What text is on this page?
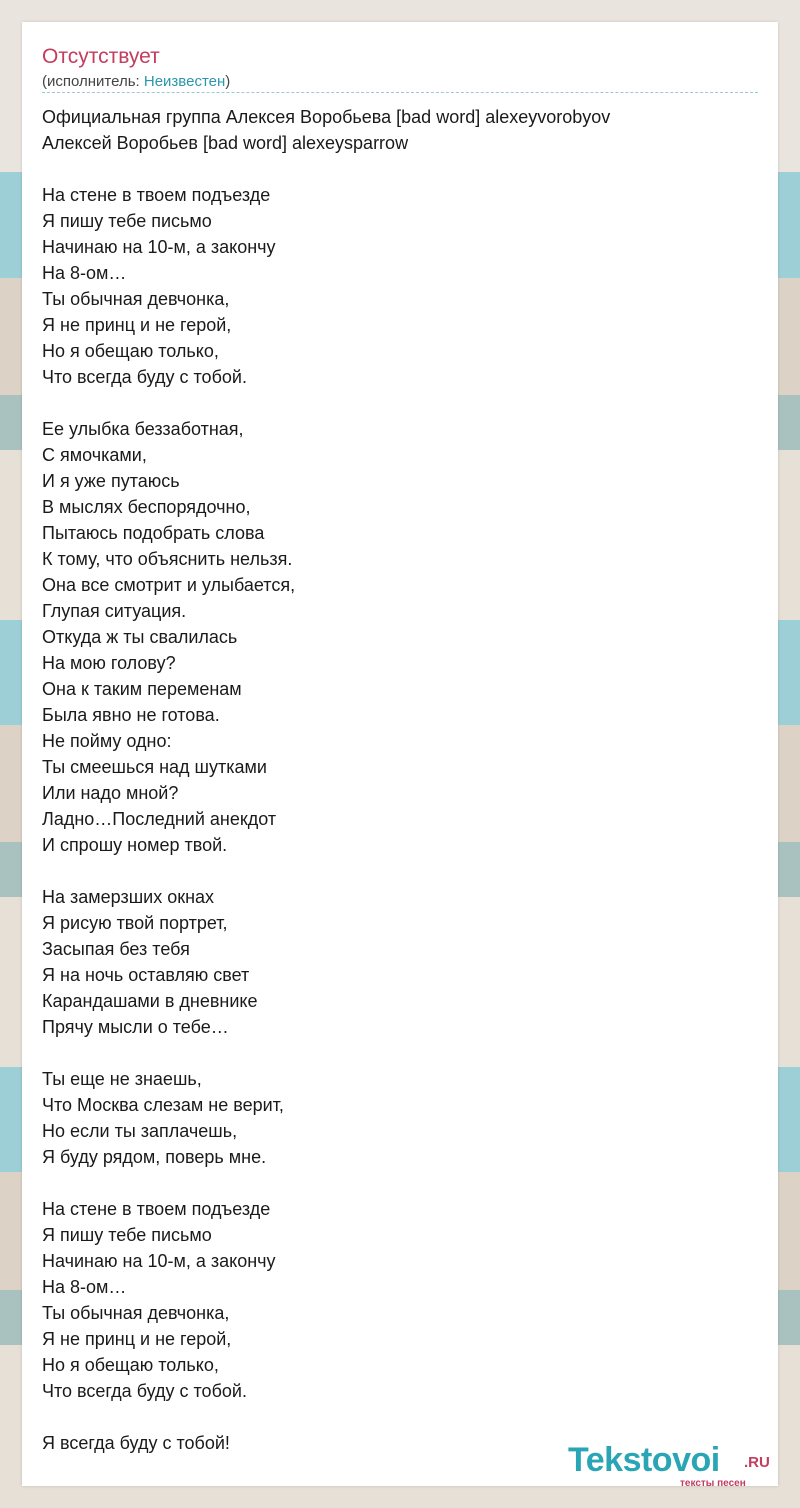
Отсутствует
(исполнитель: Неизвестен)
Официальная группа Алексея Воробьева [bad word] alexeyvorobyov
Алексей Воробьев [bad word] alexeysparrow
На стене в твоем подъезде
Я пишу тебе письмо
Начинаю на 10-м, а закончу
На 8-ом…
Ты обычная девчонка,
Я не принц и не герой,
Но я обещаю только,
Что всегда буду с тобой.
Ее улыбка беззаботная,
С ямочками,
И я уже путаюсь
В мыслях беспорядочно,
Пытаюсь подобрать слова
К тому, что объяснить нельзя.
Она все смотрит и улыбается,
Глупая ситуация.
Откуда ж ты свалилась
На мою голову?
Она к таким переменам
Была явно не готова.
Не пойму одно:
Ты смеешься над шутками
Или надо мной?
Ладно…Последний анекдот
И спрошу номер твой.
На замерзших окнах
Я рисую твой портрет,
Засыпая без тебя
Я на ночь оставляю свет
Карандашами в дневнике
Прячу мысли о тебе…
Ты еще не знаешь,
Что Москва слезам не верит,
Но если ты заплачешь,
Я буду рядом, поверь мне.
На стене в твоем подъезде
Я пишу тебе письмо
Начинаю на 10-м, а закончу
На 8-ом…
Ты обычная девчонка,
Я не принц и не герой,
Но я обещаю только,
Что всегда буду с тобой.
Я всегда буду с тобой!	Tekstovoi .RU
тексты песен
